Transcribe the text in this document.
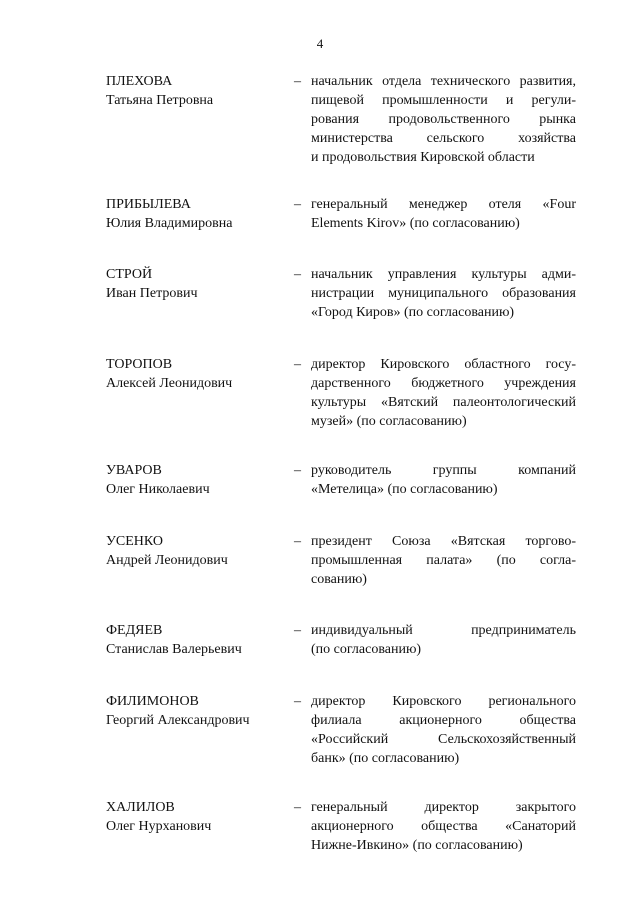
4
ПЛЕХОВА
Татьяна Петровна
– начальник отдела технического развития,
пищевой промышленности и регули-
рования продовольственного рынка
министерства сельского хозяйства
и продовольствия Кировской области
ПРИБЫЛЕВА
Юлия Владимировна
– генеральный менеджер отеля «Four
Elements Kirov» (по согласованию)
СТРОЙ
Иван Петрович
– начальник управления культуры адми-
нистрации муниципального образования
«Город Киров» (по согласованию)
ТОРОПОВ
Алексей Леонидович
– директор Кировского областного госу-
дарственного бюджетного учреждения
культуры «Вятский палеонтологический
музей» (по согласованию)
УВАРОВ
Олег Николаевич
– руководитель группы компаний
«Метелица» (по согласованию)
УСЕНКО
Андрей Леонидович
– президент Союза «Вятская торгово-
промышленная палата» (по согла-
сованию)
ФЕДЯЕВ
Станислав Валерьевич
– индивидуальный предприниматель
(по согласованию)
ФИЛИМОНОВ
Георгий Александрович
– директор Кировского регионального
филиала акционерного общества
«Российский Сельскохозяйственный
банк» (по согласованию)
ХАЛИЛОВ
Олег Нурханович
– генеральный директор закрытого
акционерного общества «Санаторий
Нижне-Ивкино» (по согласованию)
